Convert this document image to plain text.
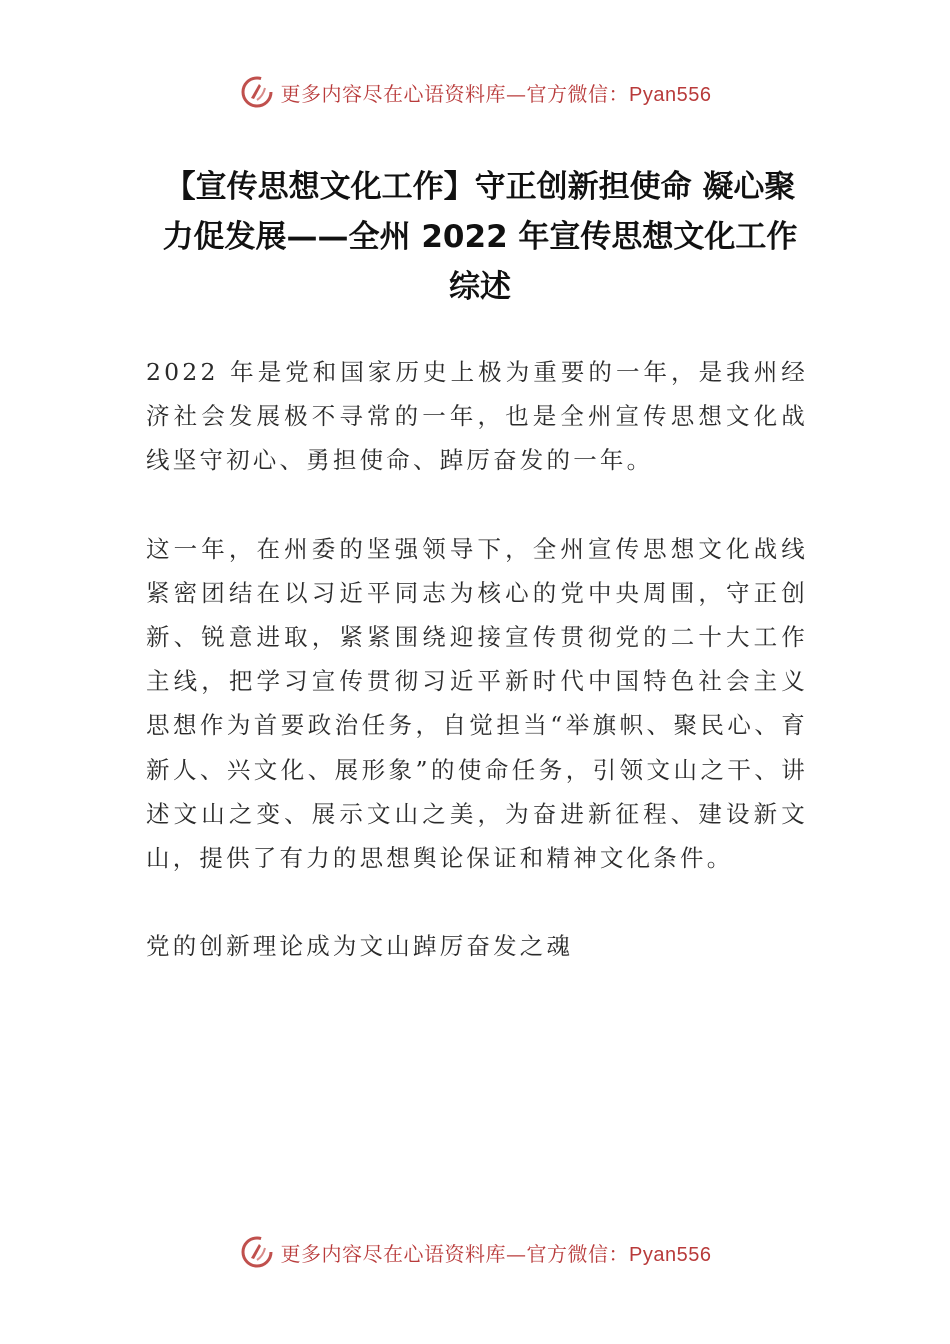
更多内容尽在心语资料库—官方微信：Pyan556
【宣传思想文化工作】守正创新担使命 凝心聚力促发展——全州 2022 年宣传思想文化工作综述

2022 年是党和国家历史上极为重要的一年，是我州经济社会发展极不寻常的一年，也是全州宣传思想文化战线坚守初心、勇担使命、踔厉奋发的一年。

这一年，在州委的坚强领导下，全州宣传思想文化战线紧密团结在以习近平同志为核心的党中央周围，守正创新、锐意进取，紧紧围绕迎接宣传贯彻党的二十大工作主线，把学习宣传贯彻习近平新时代中国特色社会主义思想作为首要政治任务，自觉担当“举旗帜、聚民心、育新人、兴文化、展形象”的使命任务，引领文山之干、讲述文山之变、展示文山之美，为奋进新征程、建设新文山，提供了有力的思想舆论保证和精神文化条件。

党的创新理论成为文山踔厉奋发之魂

更多内容尽在心语资料库—官方微信：Pyan556
